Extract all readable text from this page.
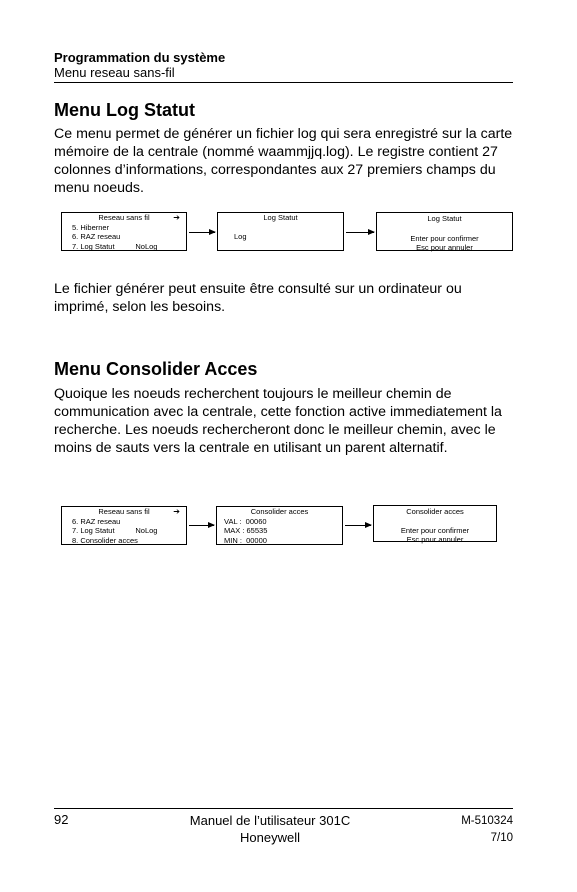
Programmation du système
Menu reseau sans-fil
Menu Log Statut

Ce menu permet de générer un fichier log qui sera enregistré sur la carte mémoire de la centrale (nommé waammjjq.log). Le registre contient 27 colonnes d’informations, correspondantes aux 27 premiers champs du menu noeuds.

Reseau sans fil	➔
5. Hiberner
6. RAZ reseau
7. Log Statut          NoLog
Log Statut
Log
Log Statut
Enter pour confirmer
Esc pour annuler

Le fichier générer peut ensuite être consulté sur un ordinateur ou imprimé, selon les besoins.

Menu Consolider Acces

Quoique les noeuds recherchent toujours le meilleur chemin de communication avec la centrale, cette fonction active immediatement la recherche. Les noeuds rechercheront donc le meilleur chemin, avec le moins de sauts vers la centrale en utilisant un parent alternatif.

Reseau sans fil	➔
6. RAZ reseau
7. Log Statut          NoLog
8. Consolider acces
Consolider acces
VAL :  00060
MAX : 65535
MIN :  00000
Consolider acces
Enter pour confirmer
Esc pour annuler
92	Manuel de l’utilisateur 301C
Honeywell
M-510324
7/10
